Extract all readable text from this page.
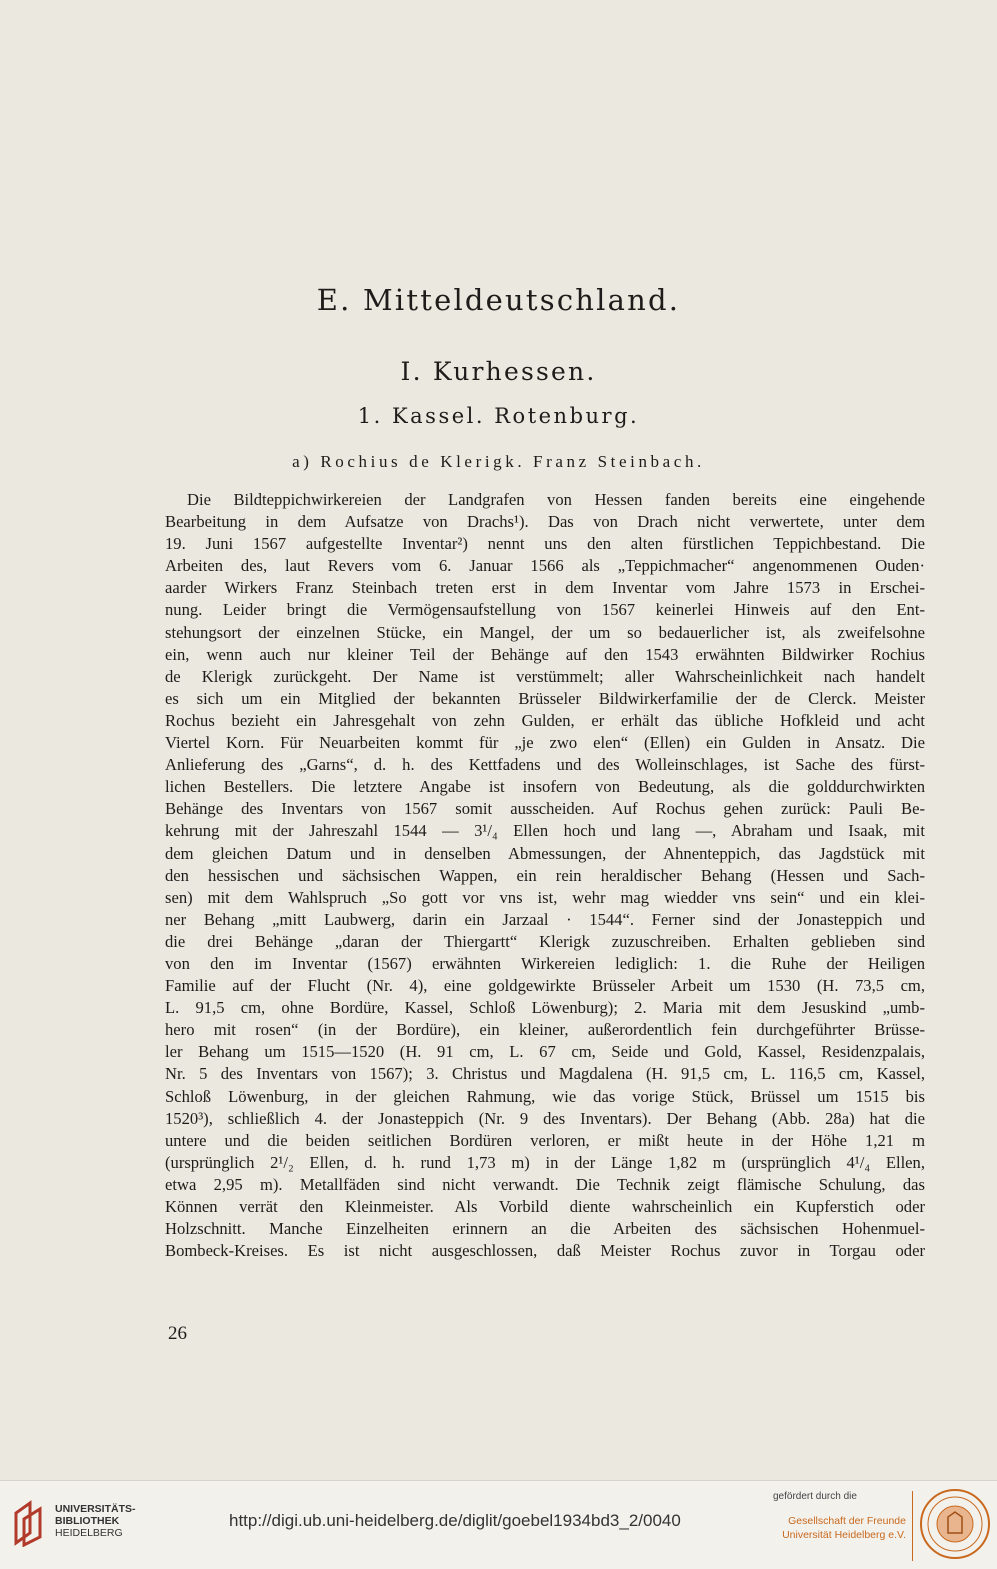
E. Mitteldeutschland.
I. Kurhessen.
1. Kassel. Rotenburg.
a) Rochius de Klerigk. Franz Steinbach.
Die Bildteppichwirkereien der Landgrafen von Hessen fanden bereits eine eingehende
Bearbeitung in dem Aufsatze von Drachs¹). Das von Drach nicht verwertete, unter dem
19. Juni 1567 aufgestellte Inventar²) nennt uns den alten fürstlichen Teppichbestand. Die
Arbeiten des, laut Revers vom 6. Januar 1566 als „Teppichmacher“ angenommenen Ouden·
aarder Wirkers Franz Steinbach treten erst in dem Inventar vom Jahre 1573 in Erschei-
nung. Leider bringt die Vermögensaufstellung von 1567 keinerlei Hinweis auf den Ent-
stehungsort der einzelnen Stücke, ein Mangel, der um so bedauerlicher ist, als zweifelsohne
ein, wenn auch nur kleiner Teil der Behänge auf den 1543 erwähnten Bildwirker Rochius
de Klerigk zurückgeht. Der Name ist verstümmelt; aller Wahrscheinlichkeit nach handelt
es sich um ein Mitglied der bekannten Brüsseler Bildwirkerfamilie der de Clerck. Meister
Rochus bezieht ein Jahresgehalt von zehn Gulden, er erhält das übliche Hofkleid und acht
Viertel Korn. Für Neuarbeiten kommt für „je zwo elen“ (Ellen) ein Gulden in Ansatz. Die
Anlieferung des „Garns“, d. h. des Kettfadens und des Wolleinschlages, ist Sache des fürst-
lichen Bestellers. Die letztere Angabe ist insofern von Bedeutung, als die golddurchwirkten
Behänge des Inventars von 1567 somit ausscheiden. Auf Rochus gehen zurück: Pauli Be-
kehrung mit der Jahreszahl 1544 — 3¹/₄ Ellen hoch und lang —, Abraham und Isaak, mit
dem gleichen Datum und in denselben Abmessungen, der Ahnenteppich, das Jagdstück mit
den hessischen und sächsischen Wappen, ein rein heraldischer Behang (Hessen und Sach-
sen) mit dem Wahlspruch „So gott vor vns ist, wehr mag wiedder vns sein“ und ein klei-
ner Behang „mitt Laubwerg, darin ein Jarzaal · 1544“. Ferner sind der Jonasteppich und
die drei Behänge „daran der Thiergartt“ Klerigk zuzuschreiben. Erhalten geblieben sind
von den im Inventar (1567) erwähnten Wirkereien lediglich: 1. die Ruhe der Heiligen
Familie auf der Flucht (Nr. 4), eine goldgewirkte Brüsseler Arbeit um 1530 (H. 73,5 cm,
L. 91,5 cm, ohne Bordüre, Kassel, Schloß Löwenburg); 2. Maria mit dem Jesuskind „umb-
hero mit rosen“ (in der Bordüre), ein kleiner, außerordentlich fein durchgeführter Brüsse-
ler Behang um 1515—1520 (H. 91 cm, L. 67 cm, Seide und Gold, Kassel, Residenzpalais,
Nr. 5 des Inventars von 1567); 3. Christus und Magdalena (H. 91,5 cm, L. 116,5 cm, Kassel,
Schloß Löwenburg, in der gleichen Rahmung, wie das vorige Stück, Brüssel um 1515 bis
1520³), schließlich 4. der Jonasteppich (Nr. 9 des Inventars). Der Behang (Abb. 28a) hat die
untere und die beiden seitlichen Bordüren verloren, er mißt heute in der Höhe 1,21 m
(ursprünglich 2¹/₂ Ellen, d. h. rund 1,73 m) in der Länge 1,82 m (ursprünglich 4¹/₄ Ellen,
etwa 2,95 m). Metallfäden sind nicht verwandt. Die Technik zeigt flämische Schulung, das
Können verrät den Kleinmeister. Als Vorbild diente wahrscheinlich ein Kupferstich oder
Holzschnitt. Manche Einzelheiten erinnern an die Arbeiten des sächsischen Hohenmuel-
Bombeck-Kreises. Es ist nicht ausgeschlossen, daß Meister Rochus zuvor in Torgau oder
26
UNIVERSITÄTS-
BIBLIOTHEK
HEIDELBERG
http://digi.ub.uni-heidelberg.de/diglit/goebel1934bd3_2/0040
gefördert durch die
Gesellschaft der Freunde
Universität Heidelberg e.V.
